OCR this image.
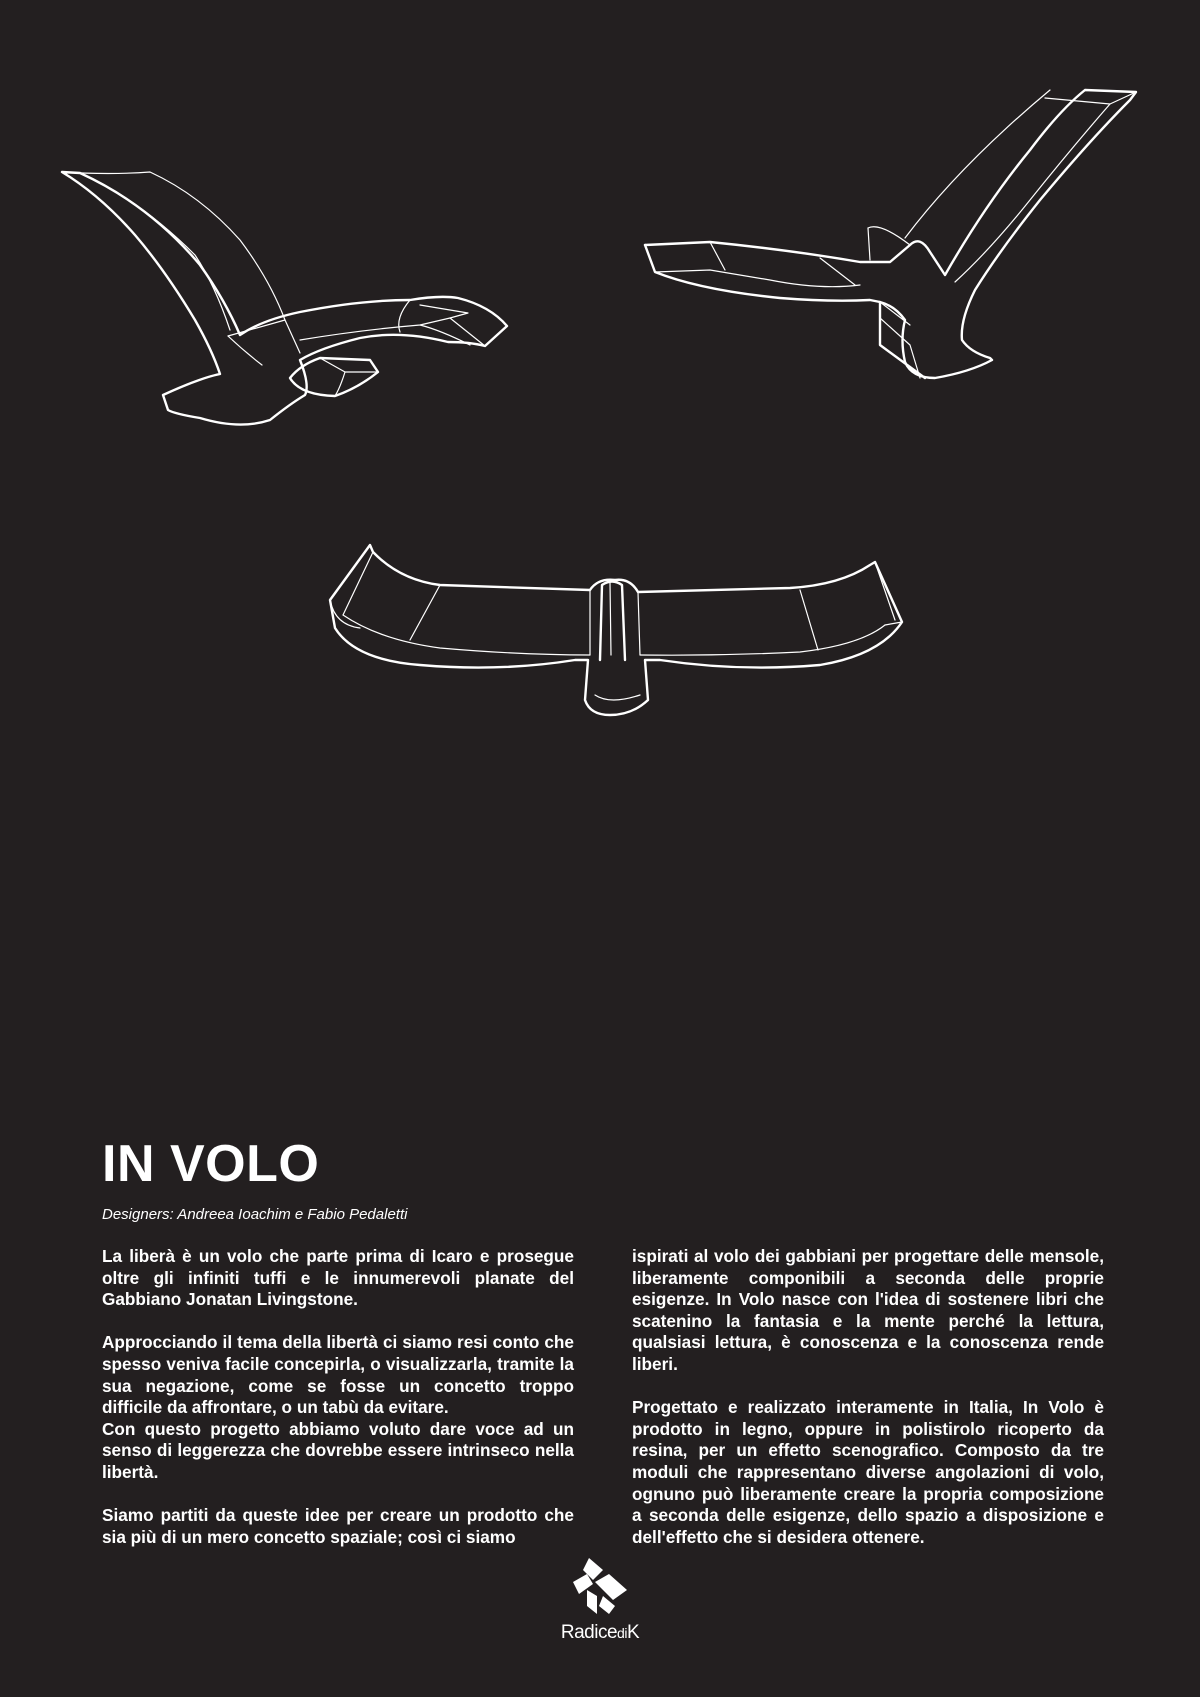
IN VOLO

Designers: Andreea Ioachim e Fabio Pedaletti

La liberà è un volo che parte prima di Icaro e prosegue oltre gli infiniti tuffi e le innumerevoli planate del Gabbiano Jonatan Livingstone.

Approcciando il tema della libertà ci siamo resi conto che spesso veniva facile concepirla, o visualizzarla, tramite la sua negazione, come se fosse un concetto troppo difficile da affrontare, o un tabù da evitare.

Con questo progetto abbiamo voluto dare voce ad un senso di leggerezza che dovrebbe essere intrinseco nella libertà.

Siamo partiti da queste idee per creare un prodotto che sia più di un mero concetto spaziale; così ci siamo

ispirati al volo dei gabbiani per progettare delle mensole, liberamente componibili a seconda delle proprie esigenze. In Volo nasce con l'idea di sostenere libri che scatenino la fantasia e la mente perché la lettura, qualsiasi lettura, è conoscenza e la conoscenza rende liberi.

Progettato e realizzato interamente in Italia, In Volo è prodotto in legno, oppure in polistirolo ricoperto da resina, per un effetto scenografico. Composto da tre moduli che rappresentano diverse angolazioni di volo, ognuno può liberamente creare la propria composizione a seconda delle esigenze, dello spazio a disposizione e dell'effetto che si desidera ottenere.

RadicediK
